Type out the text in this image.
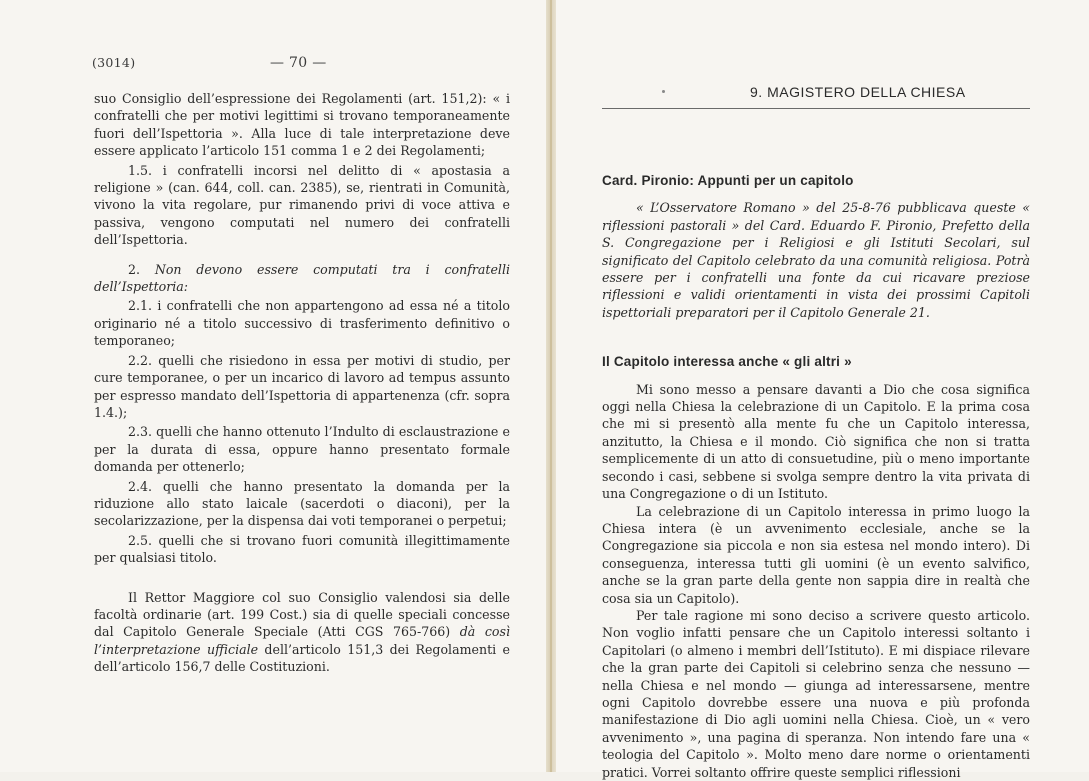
(3014)	— 70 —

suo Consiglio dell’espressione dei Regolamenti (art. 151,2): « i confratelli che per motivi legittimi si trovano temporaneamente fuori dell’Ispettoria ». Alla luce di tale interpretazione deve essere applicato l’articolo 151 comma 1 e 2 dei Regolamenti;

1.5. i confratelli incorsi nel delitto di « apostasia a religione » (can. 644, coll. can. 2385), se, rientrati in Comunità, vivono la vita regolare, pur rimanendo privi di voce attiva e passiva, vengono computati nel numero dei confratelli dell’Ispettoria.

2. Non devono essere computati tra i confratelli dell’Ispettoria:

2.1. i confratelli che non appartengono ad essa né a titolo originario né a titolo successivo di trasferimento definitivo o temporaneo;

2.2. quelli che risiedono in essa per motivi di studio, per cure temporanee, o per un incarico di lavoro ad tempus assunto per espresso mandato dell’Ispettoria di appartenenza (cfr. sopra 1.4.);

2.3. quelli che hanno ottenuto l’Indulto di esclaustrazione e per la durata di essa, oppure hanno presentato formale domanda per ottenerlo;

2.4. quelli che hanno presentato la domanda per la riduzione allo stato laicale (sacerdoti o diaconi), per la secolarizzazione, per la dispensa dai voti temporanei o perpetui;

2.5. quelli che si trovano fuori comunità illegittimamente per qualsiasi titolo.

Il Rettor Maggiore col suo Consiglio valendosi sia delle facoltà ordinarie (art. 199 Cost.) sia di quelle speciali concesse dal Capitolo Generale Speciale (Atti CGS 765-766) dà così l’interpretazione ufficiale dell’articolo 151,3 dei Regolamenti e dell’articolo 156,7 delle Costituzioni.

9. MAGISTERO DELLA CHIESA
Card. Pironio: Appunti per un capitolo

« L’Osservatore Romano » del 25-8-76 pubblicava queste « riflessioni pastorali » del Card. Eduardo F. Pironio, Prefetto della S. Congregazione per i Religiosi e gli Istituti Secolari, sul significato del Capitolo celebrato da una comunità religiosa. Potrà essere per i confratelli una fonte da cui ricavare preziose riflessioni e validi orientamenti in vista dei prossimi Capitoli ispettoriali preparatori per il Capitolo Generale 21.

Il Capitolo interessa anche « gli altri »

Mi sono messo a pensare davanti a Dio che cosa significa oggi nella Chiesa la celebrazione di un Capitolo. E la prima cosa che mi si presentò alla mente fu che un Capitolo interessa, anzitutto, la Chiesa e il mondo. Ciò significa che non si tratta semplicemente di un atto di consuetudine, più o meno importante secondo i casi, sebbene si svolga sempre dentro la vita privata di una Congregazione o di un Istituto.

La celebrazione di un Capitolo interessa in primo luogo la Chiesa intera (è un avvenimento ecclesiale, anche se la Congregazione sia piccola e non sia estesa nel mondo intero). Di conseguenza, interessa tutti gli uomini (è un evento salvifico, anche se la gran parte della gente non sappia dire in realtà che cosa sia un Capitolo).

Per tale ragione mi sono deciso a scrivere questo articolo. Non voglio infatti pensare che un Capitolo interessi soltanto i Capitolari (o almeno i membri dell’Istituto). E mi dispiace rilevare che la gran parte dei Capitoli si celebrino senza che nessuno — nella Chiesa e nel mondo — giunga ad interessarsene, mentre ogni Capitolo dovrebbe essere una nuova e più profonda manifestazione di Dio agli uomini nella Chiesa. Cioè, un « vero avvenimento », una pagina di speranza. Non intendo fare una « teologia del Capitolo ». Molto meno dare norme o orientamenti pratici. Vorrei soltanto offrire queste semplici riflessioni
